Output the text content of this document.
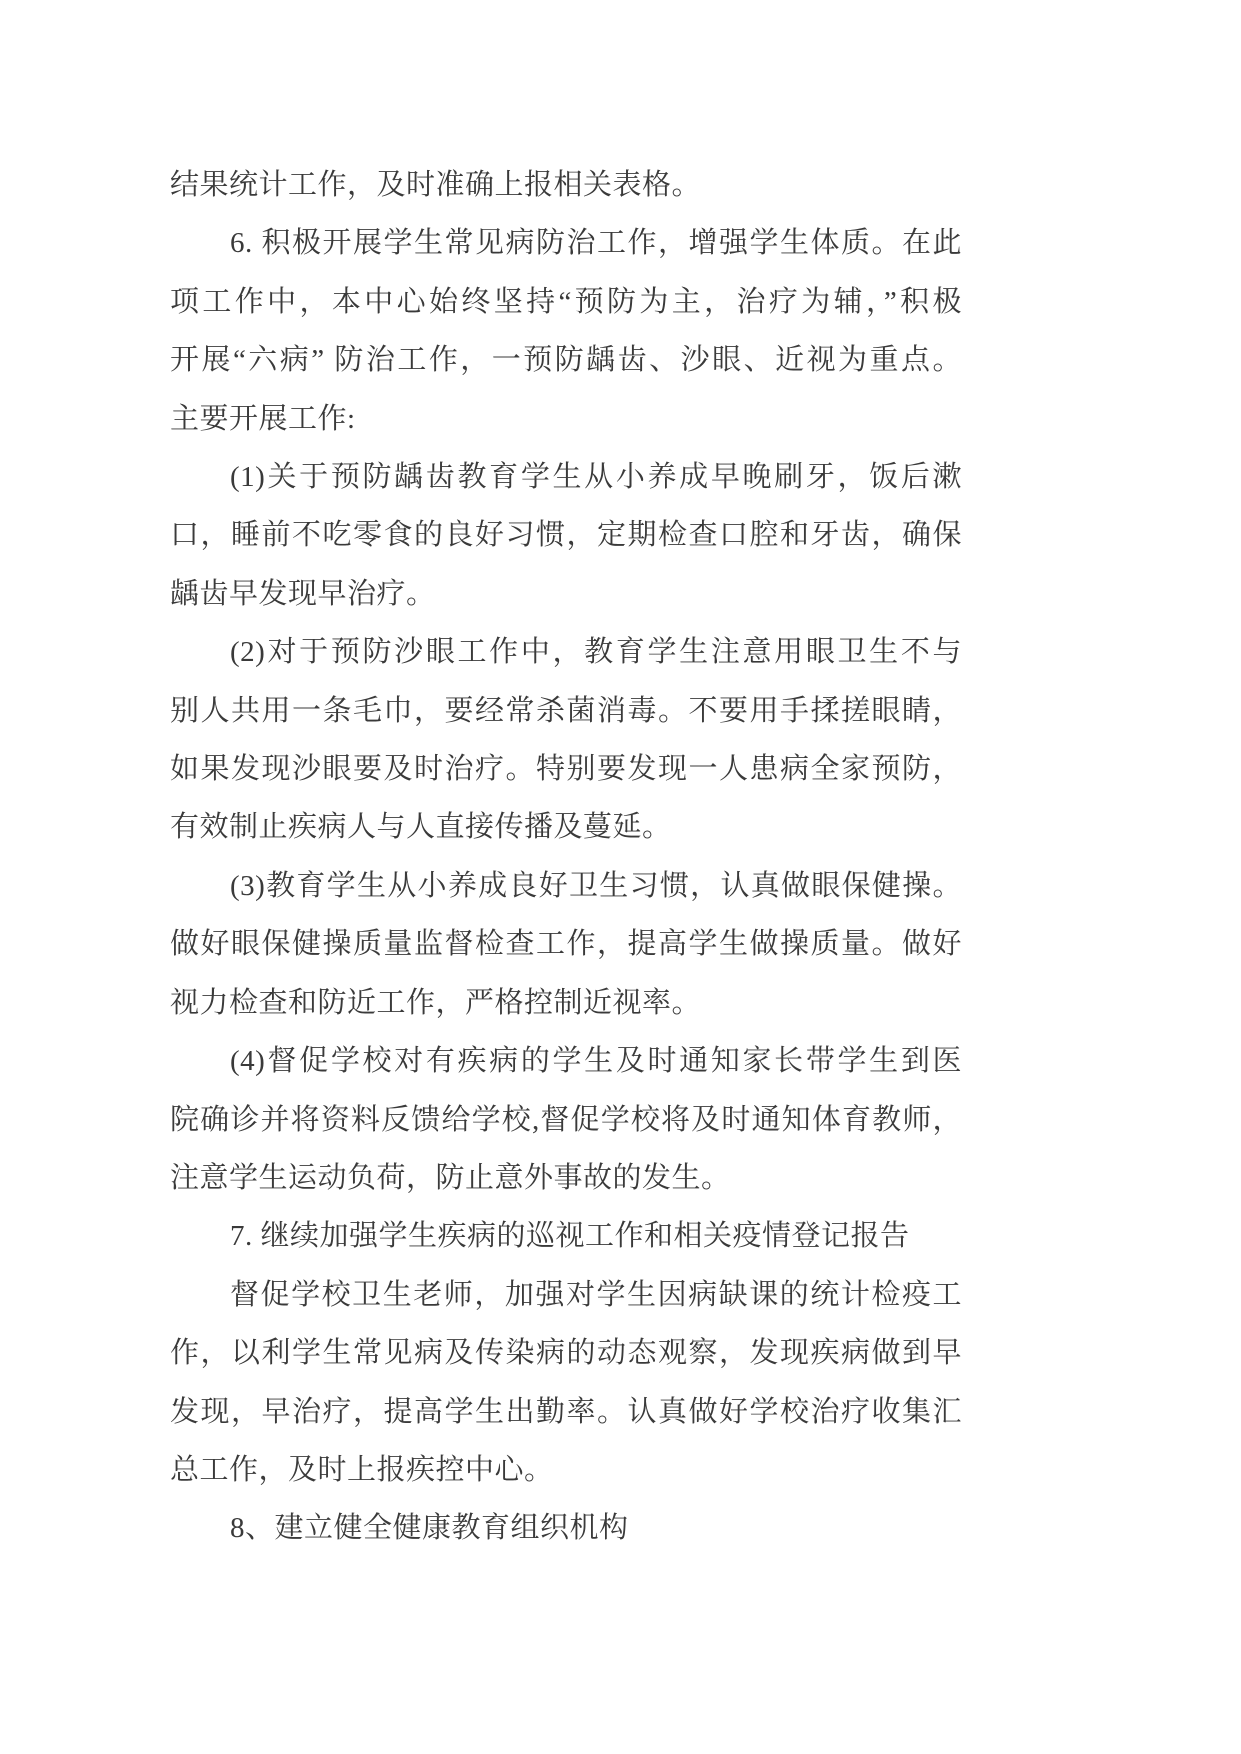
结果统计工作，及时准确上报相关表格。
6. 积极开展学生常见病防治工作，增强学生体质。在此
项工作中，本中心始终坚持“预防为主，治疗为辅，”积极
开展“六病” 防治工作，一预防龋齿、沙眼、近视为重点。
主要开展工作:
(1)关于预防龋齿教育学生从小养成早晚刷牙，饭后漱
口，睡前不吃零食的良好习惯，定期检查口腔和牙齿，确保
龋齿早发现早治疗。
(2)对于预防沙眼工作中，教育学生注意用眼卫生不与
别人共用一条毛巾，要经常杀菌消毒。不要用手揉搓眼睛，
如果发现沙眼要及时治疗。特别要发现一人患病全家预防，
有效制止疾病人与人直接传播及蔓延。
(3)教育学生从小养成良好卫生习惯，认真做眼保健操。
做好眼保健操质量监督检查工作，提高学生做操质量。做好
视力检查和防近工作，严格控制近视率。
(4)督促学校对有疾病的学生及时通知家长带学生到医
院确诊并将资料反馈给学校,督促学校将及时通知体育教师，
注意学生运动负荷，防止意外事故的发生。
7. 继续加强学生疾病的巡视工作和相关疫情登记报告
督促学校卫生老师，加强对学生因病缺课的统计检疫工
作，以利学生常见病及传染病的动态观察，发现疾病做到早
发现，早治疗，提高学生出勤率。认真做好学校治疗收集汇
总工作，及时上报疾控中心。
8、建立健全健康教育组织机构
